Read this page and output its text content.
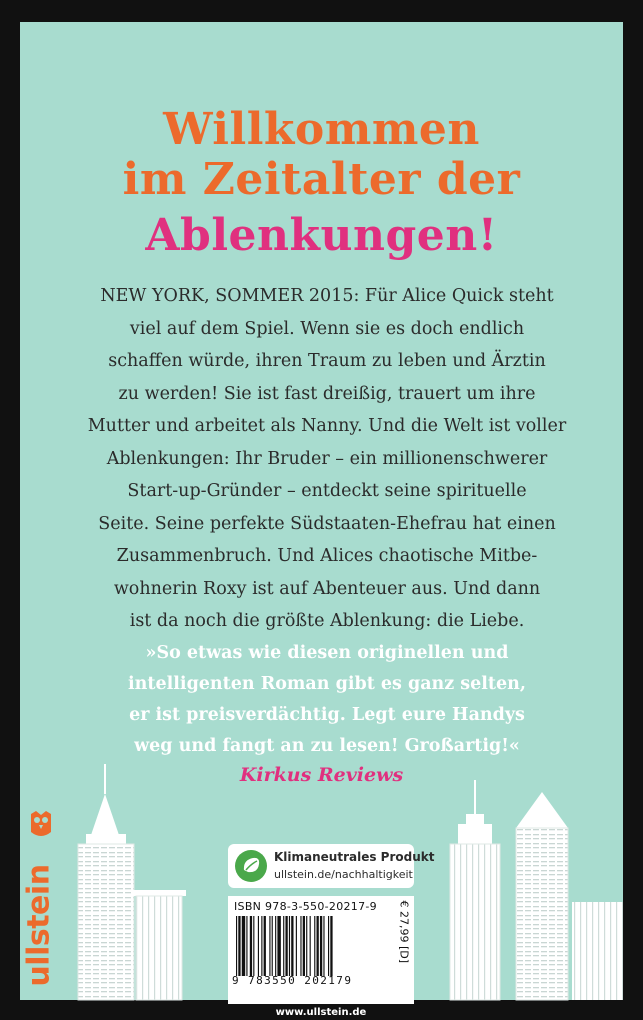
Willkommen
im Zeitalter der
Ablenkungen!
NEW YORK, SOMMER 2015: Für Alice Quick steht
viel auf dem Spiel. Wenn sie es doch endlich
schaffen würde, ihren Traum zu leben und Ärztin
zu werden! Sie ist fast dreißig, trauert um ihre
Mutter und arbeitet als Nanny. Und die Welt ist voller
Ablenkungen: Ihr Bruder – ein millionenschwerer
Start-up-Gründer – entdeckt seine spirituelle
Seite. Seine perfekte Südstaaten-Ehefrau hat einen
Zusammenbruch. Und Alices chaotische Mitbe-
wohnerin Roxy ist auf Abenteuer aus. Und dann
ist da noch die größte Ablenkung: die Liebe.
»So etwas wie diesen originellen und
intelligenten Roman gibt es ganz selten,
er ist preisverdächtig. Legt eure Handys
weg und fangt an zu lesen! Großartig!«
Kirkus Reviews
ullstein
Klimaneutrales Produkt
ullstein.de/nachhaltigkeit
ISBN 978-3-550-20217-9
9 783550 202179
€ 27,99 [D]
www.ullstein.de
